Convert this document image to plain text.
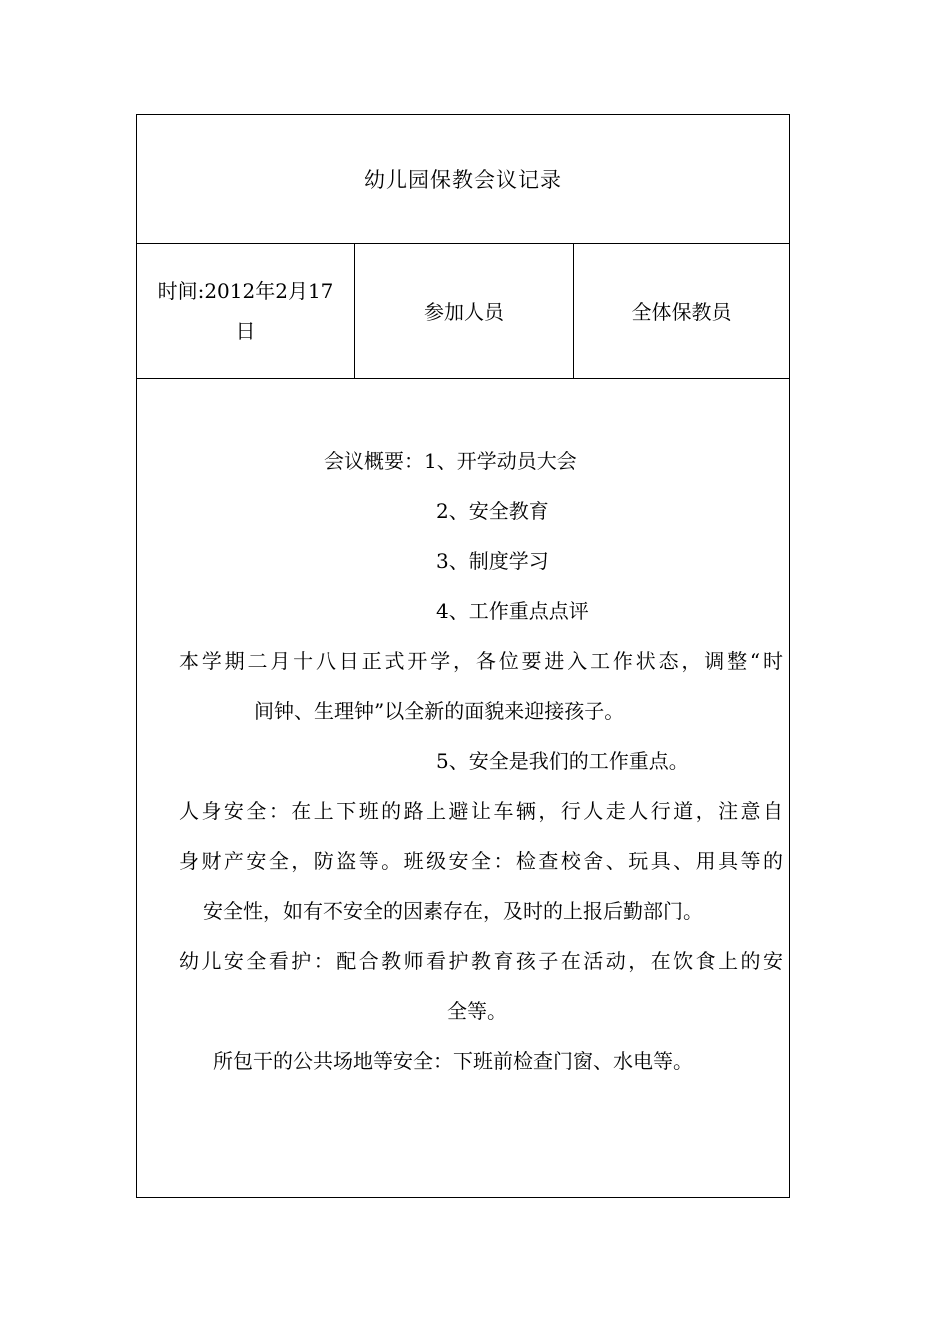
幼儿园保教会议记录
时间:2012年2月17
日
参加人员	全体保教员
会议概要：1、开学动员大会
2、安全教育
3、制度学习
4、工作重点点评
本学期二月十八日正式开学，各位要进入工作状态，调整“时
间钟、生理钟”以全新的面貌来迎接孩子。
5、安全是我们的工作重点。
人身安全：在上下班的路上避让车辆，行人走人行道，注意自
身财产安全，防盗等。班级安全：检查校舍、玩具、用具等的
安全性，如有不安全的因素存在，及时的上报后勤部门。
幼儿安全看护：配合教师看护教育孩子在活动，在饮食上的安
全等。
所包干的公共场地等安全：下班前检查门窗、水电等。
